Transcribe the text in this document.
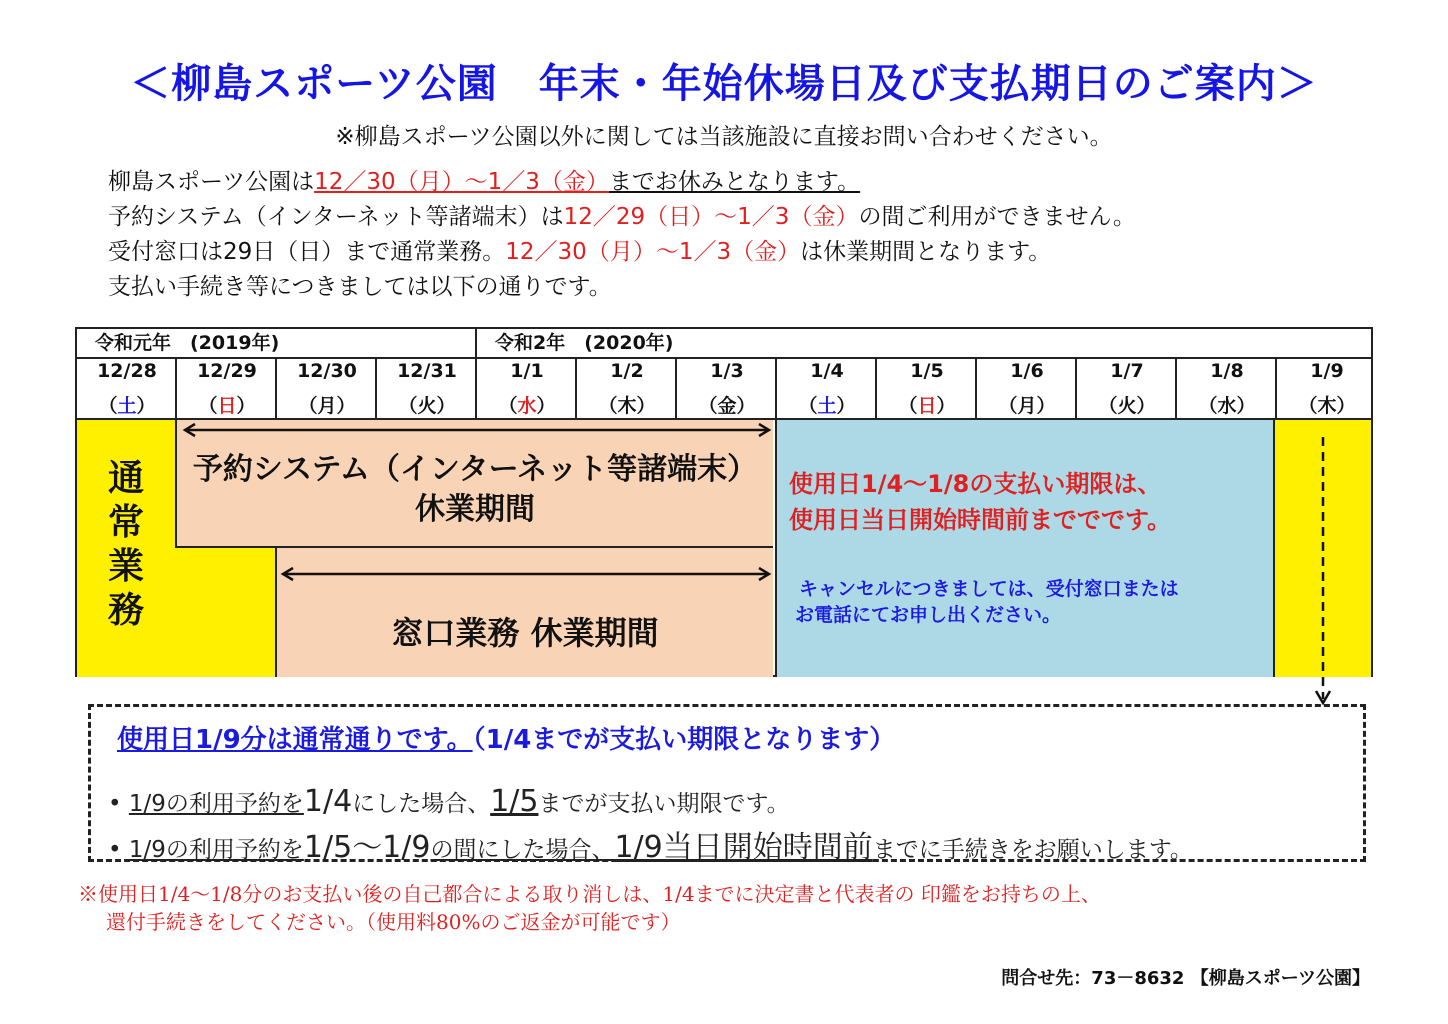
＜柳島スポーツ公園　年末・年始休場日及び支払期日のご案内＞
※柳島スポーツ公園以外に関しては当該施設に直接お問い合わせください。
柳島スポーツ公園は12／30（月）～1／3（金）までお休みとなります。
予約システム（インターネット等諸端末）は12／29（日）～1／3（金）の間ご利用ができません。
受付窓口は29日（日）まで通常業務。12／30（月）～1／3（金）は休業期間となります。
支払い手続き等につきましては以下の通りです。
令和元年　(2019年)	令和2年　(2020年)
12/28
（土）
12/29
（日）
12/30
（月）
12/31
（火）
1/1
（水）
1/2
（木）
1/3
（金）
1/4
（土）
1/5
（日）
1/6
（月）
1/7
（火）
1/8
（水）
1/9
（木）
通常業務
予約システム（インターネット等諸端末）
休業期間
窓口業務 休業期間
使用日1/4～1/8の支払い期限は、
使用日当日開始時間前まででです。
キャンセルにつきましては、受付窓口または
お電話にてお申し出ください。
使用日1/9分は通常通りです。（1/4までが支払い期限となります）
• 1/9の利用予約を1/4にした場合、1/5までが支払い期限です。
• 1/9の利用予約を1/5～1/9の間にした場合、1/9当日開始時間前までに手続きをお願いします。
※使用日1/4～1/8分のお支払い後の自己都合による取り消しは、1/4までに決定書と代表者の 印鑑をお持ちの上、
還付手続きをしてください。（使用料80%のご返金が可能です）
問合せ先：73－8632 【柳島スポーツ公園】
